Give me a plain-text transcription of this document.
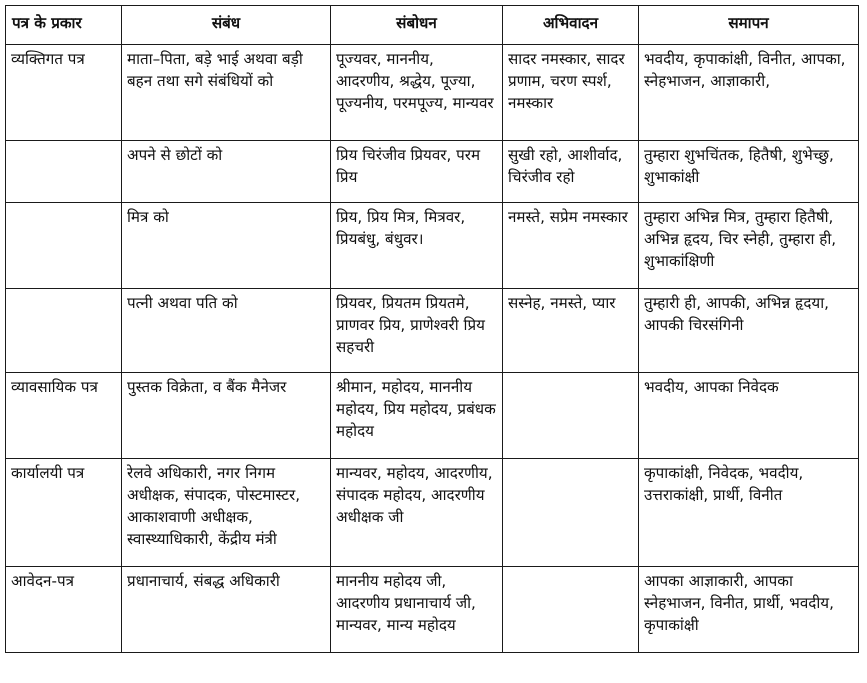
पत्र के प्रकार	संबंध	संबोधन	अभिवादन	समापन
व्यक्तिगत पत्र	माता–पिता, बड़े भाई अथवा बड़ी बहन तथा सगे संबंधियों को	पूज्यवर, माननीय, आदरणीय, श्रद्धेय, पूज्या, पूज्यनीय, परमपूज्य, मान्यवर	सादर नमस्कार, सादर प्रणाम, चरण स्पर्श, नमस्कार	भवदीय, कृपाकांक्षी, विनीत, आपका, स्नेहभाजन, आज्ञाकारी,
	अपने से छोटों को	प्रिय चिरंजीव प्रियवर, परम प्रिय	सुखी रहो, आशीर्वाद, चिरंजीव रहो	तुम्हारा शुभचिंतक, हितैषी, शुभेच्छु, शुभाकांक्षी
	मित्र को	प्रिय, प्रिय मित्र, मित्रवर, प्रियबंधु, बंधुवर।	नमस्ते, सप्रेम नमस्कार	तुम्हारा अभिन्न मित्र, तुम्हारा हितैषी, अभिन्न हृदय, चिर स्नेही, तुम्हारा ही, शुभाकांक्षिणी
	पत्नी अथवा पति को	प्रियवर, प्रियतम प्रियतमे, प्राणवर प्रिय, प्राणेश्वरी प्रिय सहचरी	सस्नेह, नमस्ते, प्यार	तुम्हारी ही, आपकी, अभिन्न हृदया, आपकी चिरसंगिनी
व्यावसायिक पत्र	पुस्तक विक्रेता, व बैंक मैनेजर	श्रीमान, महोदय, माननीय महोदय, प्रिय महोदय, प्रबंधक महोदय		भवदीय, आपका निवेदक
कार्यालयी पत्र	रेलवे अधिकारी, नगर निगम अधीक्षक, संपादक, पोस्टमास्टर, आकाशवाणी अधीक्षक, स्वास्थ्याधिकारी, केंद्रीय मंत्री	मान्यवर, महोदय, आदरणीय, संपादक महोदय, आदरणीय अधीक्षक जी		कृपाकांक्षी, निवेदक, भवदीय, उत्तराकांक्षी, प्रार्थी, विनीत
आवेदन-पत्र	प्रधानाचार्य, संबद्ध अधिकारी	माननीय महोदय जी, आदरणीय प्रधानाचार्य जी, मान्यवर, मान्य महोदय		आपका आज्ञाकारी, आपका स्नेहभाजन, विनीत, प्रार्थी, भवदीय, कृपाकांक्षी
